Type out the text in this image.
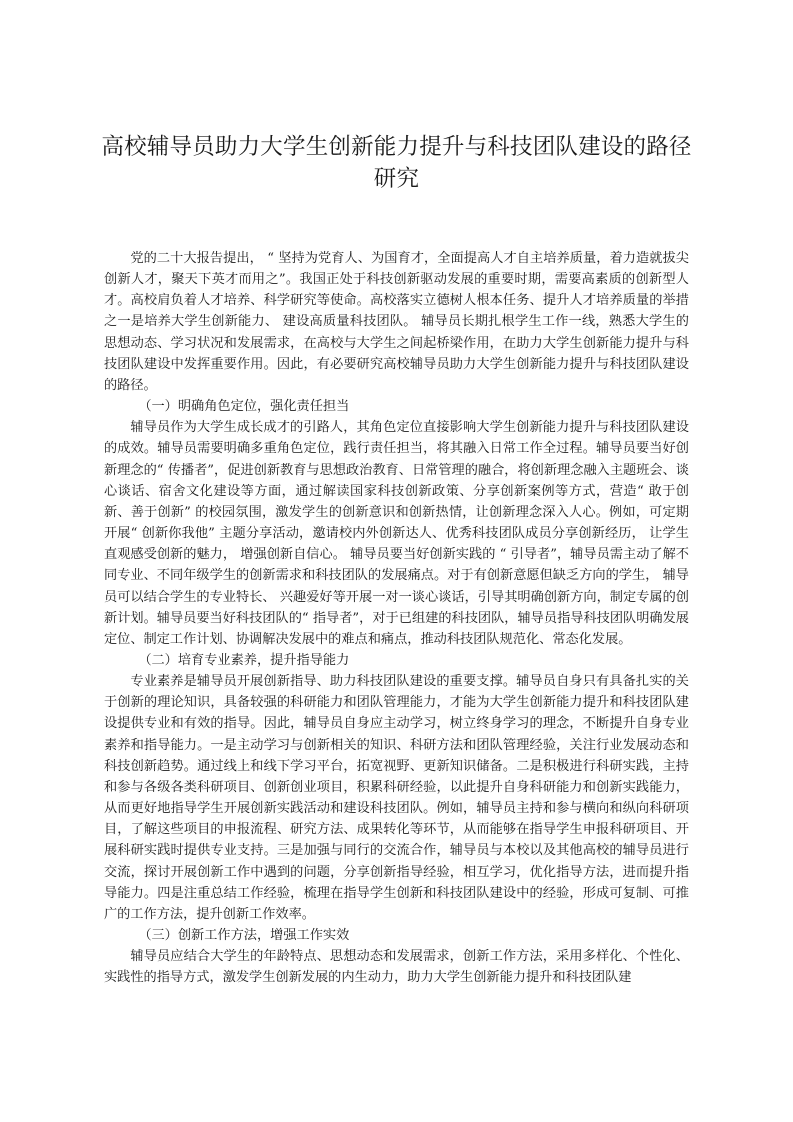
高校辅导员助力大学生创新能力提升与科技团队建设的路径研究

党的二十大报告提出， “ 坚持为党育人、为国育才，全面提高人才自主培养质量，着力造就拔尖创新人才，聚天下英才而用之”。我国正处于科技创新驱动发展的重要时期，需要高素质的创新型人才。高校肩负着人才培养、科学研究等使命。高校落实立德树人根本任务、提升人才培养质量的举措之一是培养大学生创新能力、 建设高质量科技团队。 辅导员长期扎根学生工作一线，熟悉大学生的思想动态、学习状况和发展需求，在高校与大学生之间起桥梁作用，在助力大学生创新能力提升与科技团队建设中发挥重要作用。因此，有必要研究高校辅导员助力大学生创新能力提升与科技团队建设的路径。

（一）明确角色定位，强化责任担当

辅导员作为大学生成长成才的引路人，其角色定位直接影响大学生创新能力提升与科技团队建设的成效。辅导员需要明确多重角色定位，践行责任担当，将其融入日常工作全过程。辅导员要当好创新理念的“ 传播者”，促进创新教育与思想政治教育、日常管理的融合，将创新理念融入主题班会、谈心谈话、宿舍文化建设等方面，通过解读国家科技创新政策、分享创新案例等方式，营造“ 敢于创新、善于创新” 的校园氛围，激发学生的创新意识和创新热情，让创新理念深入人心。例如，可定期开展“ 创新你我他” 主题分享活动，邀请校内外创新达人、优秀科技团队成员分享创新经历， 让学生直观感受创新的魅力， 增强创新自信心。 辅导员要当好创新实践的 “ 引导者”，辅导员需主动了解不同专业、不同年级学生的创新需求和科技团队的发展痛点。对于有创新意愿但缺乏方向的学生， 辅导员可以结合学生的专业特长、 兴趣爱好等开展一对一谈心谈话，引导其明确创新方向，制定专属的创新计划。辅导员要当好科技团队的“ 指导者”，对于已组建的科技团队，辅导员指导科技团队明确发展定位、制定工作计划、协调解决发展中的难点和痛点，推动科技团队规范化、常态化发展。

（二）培育专业素养，提升指导能力

专业素养是辅导员开展创新指导、助力科技团队建设的重要支撑。辅导员自身只有具备扎实的关于创新的理论知识，具备较强的科研能力和团队管理能力，才能为大学生创新能力提升和科技团队建设提供专业和有效的指导。因此，辅导员自身应主动学习，树立终身学习的理念，不断提升自身专业素养和指导能力。一是主动学习与创新相关的知识、科研方法和团队管理经验，关注行业发展动态和科技创新趋势。通过线上和线下学习平台，拓宽视野、更新知识储备。二是积极进行科研实践，主持和参与各级各类科研项目、创新创业项目，积累科研经验，以此提升自身科研能力和创新实践能力，从而更好地指导学生开展创新实践活动和建设科技团队。例如，辅导员主持和参与横向和纵向科研项目，了解这些项目的申报流程、研究方法、成果转化等环节，从而能够在指导学生申报科研项目、开展科研实践时提供专业支持。三是加强与同行的交流合作，辅导员与本校以及其他高校的辅导员进行交流，探讨开展创新工作中遇到的问题，分享创新指导经验，相互学习，优化指导方法，进而提升指导能力。四是注重总结工作经验，梳理在指导学生创新和科技团队建设中的经验，形成可复制、可推广的工作方法，提升创新工作效率。

（三）创新工作方法，增强工作实效

辅导员应结合大学生的年龄特点、思想动态和发展需求，创新工作方法，采用多样化、个性化、实践性的指导方式，激发学生创新发展的内生动力，助力大学生创新能力提升和科技团队建
